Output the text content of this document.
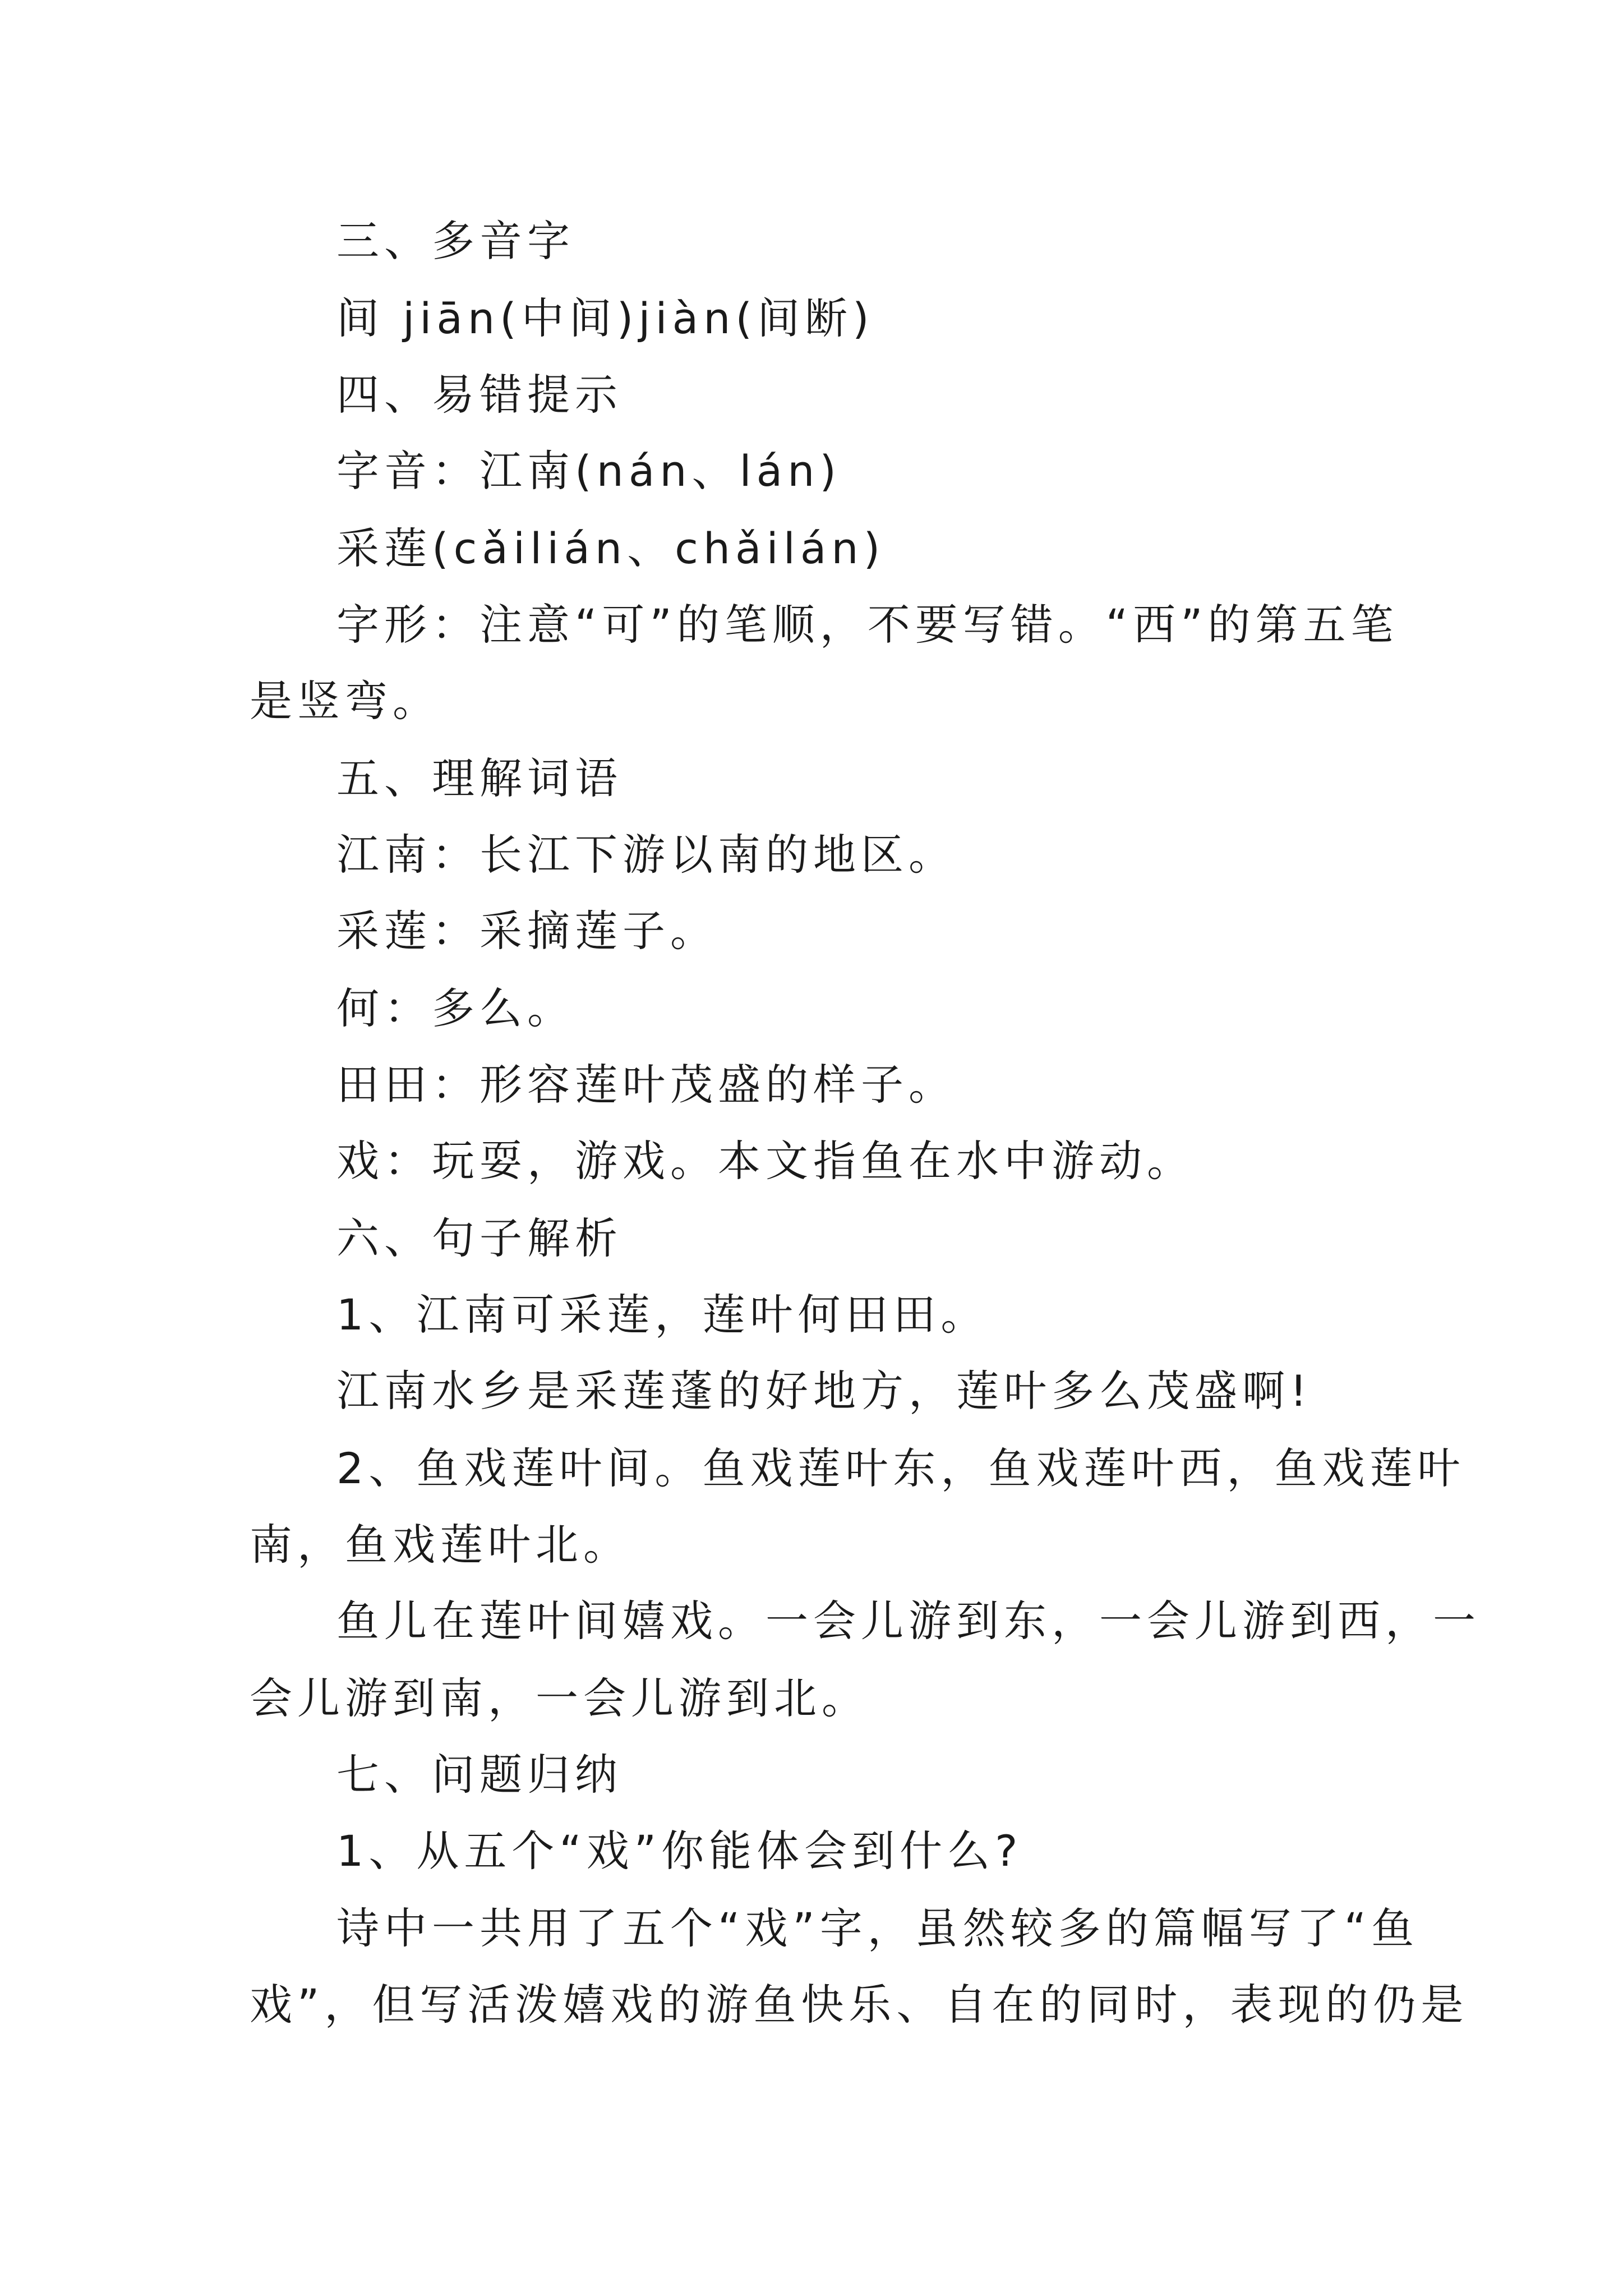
三、多音字
间 jiān(中间)jiàn(间断)
四、易错提示
字音：江南(nán、lán)
采莲(cǎilián、chǎilán)
字形：注意“可”的笔顺，不要写错。“西”的第五笔
是竖弯。
五、理解词语
江南：长江下游以南的地区。
采莲：采摘莲子。
何：多么。
田田：形容莲叶茂盛的样子。
戏：玩耍，游戏。本文指鱼在水中游动。
六、句子解析
1、江南可采莲，莲叶何田田。
江南水乡是采莲蓬的好地方，莲叶多么茂盛啊!
2、鱼戏莲叶间。鱼戏莲叶东，鱼戏莲叶西，鱼戏莲叶
南，鱼戏莲叶北。
鱼儿在莲叶间嬉戏。一会儿游到东，一会儿游到西，一
会儿游到南，一会儿游到北。
七、问题归纳
1、从五个“戏”你能体会到什么?
诗中一共用了五个“戏”字，虽然较多的篇幅写了“鱼
戏”，但写活泼嬉戏的游鱼快乐、自在的同时，表现的仍是
